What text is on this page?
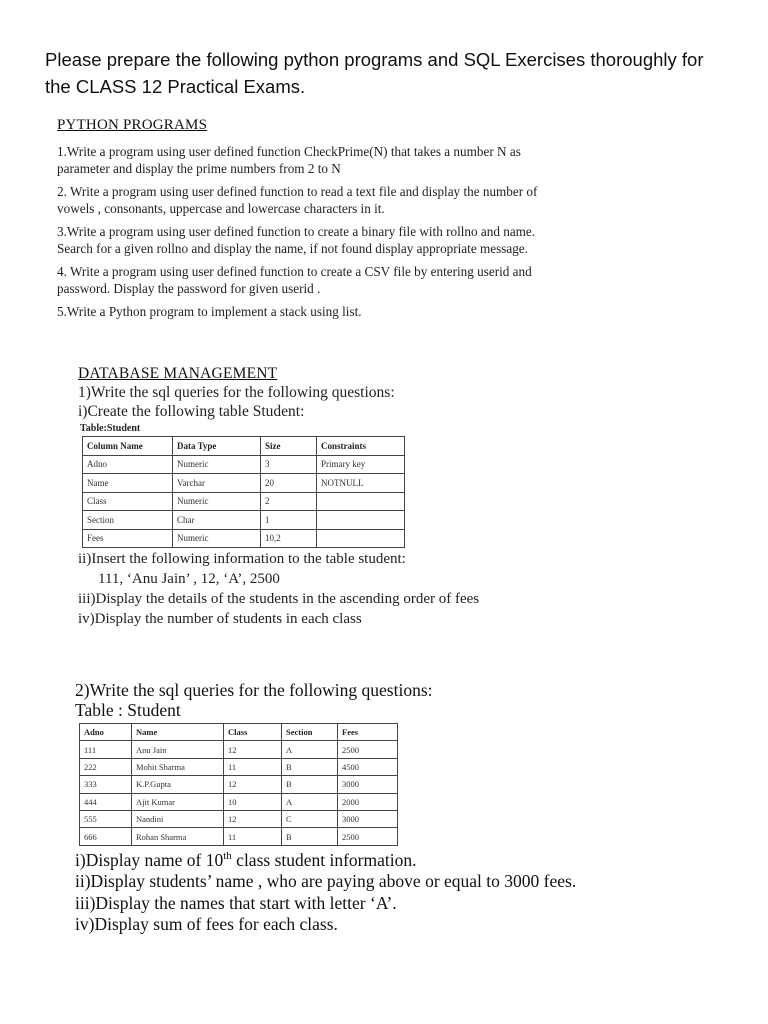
Please prepare the following python programs and SQL Exercises thoroughly for
the CLASS 12 Practical Exams.
PYTHON PROGRAMS
1.Write a program using user defined function CheckPrime(N) that takes a number N as
parameter and display the prime numbers from 2 to N
2. Write a program using user defined function to read a text file and display the number of
vowels , consonants, uppercase and lowercase characters in it.
3.Write a program using user defined function to create a binary file with rollno and name.
Search for a given rollno and display the name, if not found display appropriate message.
4. Write a program using user defined function to create a CSV file by entering userid and
password. Display the password for given userid .
5.Write a Python program to implement a stack using list.
DATABASE MANAGEMENT
1)Write the sql queries for the following questions:
i)Create the following table Student:
Table:Student
Column Name	Data Type	Size	Constraints
Adno	Numeric	3	Primary key
Name	Varchar	20	NOTNULL
Class	Numeric	2	
Section	Char	1	
Fees	Numeric	10,2	
ii)Insert the following information to the table student:
111, ‘Anu Jain’ , 12, ‘A’, 2500
iii)Display the details of the students in the ascending order of fees
iv)Display the number of students in each class
2)Write the sql queries for the following questions:
Table : Student
Adno	Name	Class	Section	Fees
111	Anu Jain	12	A	2500
222	Mohit Sharma	11	B	4500
333	K.P.Gupta	12	B	3000
444	Ajit Kumar	10	A	2000
555	Nandini	12	C	3000
666	Rohan Sharma	11	B	2500
i)Display name of 10th class student information.
ii)Display students’ name , who are paying above or equal to 3000 fees.
iii)Display the names that start with letter ‘A’.
iv)Display sum of fees for each class.
